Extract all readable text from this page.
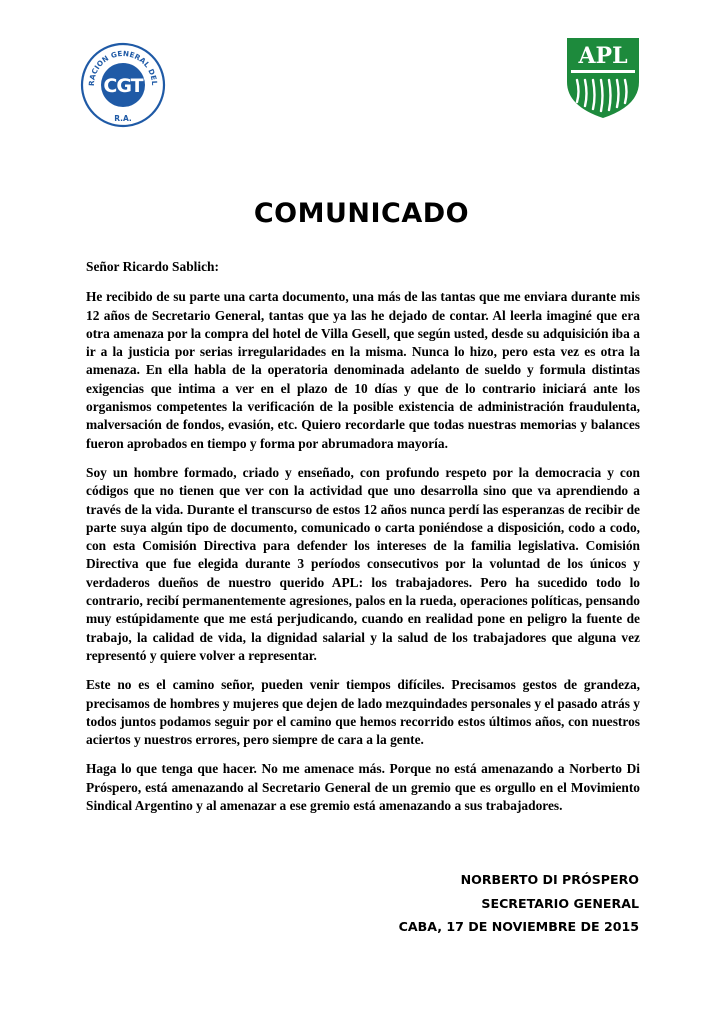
RACION GENERAL DEL
R.A.
CGT
APL
COMUNICADO

Señor Ricardo Sablich:

He recibido de su parte una carta documento, una más de las tantas que me enviara durante mis 12 años de Secretario General, tantas que ya las he dejado de contar. Al leerla imaginé que era otra amenaza por la compra del hotel de Villa Gesell, que según usted, desde su adquisición iba a ir a la justicia por serias irregularidades en la misma. Nunca lo hizo, pero esta vez es otra la amenaza. En ella habla de la operatoria denominada adelanto de sueldo y formula distintas exigencias que intima a ver en el plazo de 10 días y que de lo contrario iniciará ante los organismos competentes la verificación de la posible existencia de administración fraudulenta, malversación de fondos, evasión, etc. Quiero recordarle que todas nuestras memorias y balances fueron aprobados en tiempo y forma por abrumadora mayoría.

Soy un hombre formado, criado y enseñado, con profundo respeto por la democracia y con códigos que no tienen que ver con la actividad que uno desarrolla sino que va aprendiendo a través de la vida. Durante el transcurso de estos 12 años nunca perdí las esperanzas de recibir de parte suya algún tipo de documento, comunicado o carta poniéndose a disposición, codo a codo, con esta Comisión Directiva para defender los intereses de la familia legislativa. Comisión Directiva que fue elegida durante 3 períodos consecutivos por la voluntad de los únicos y verdaderos dueños de nuestro querido APL: los trabajadores. Pero ha sucedido todo lo contrario, recibí permanentemente agresiones, palos en la rueda, operaciones políticas, pensando muy estúpidamente que me está perjudicando, cuando en realidad pone en peligro la fuente de trabajo, la calidad de vida, la dignidad salarial y la salud de los trabajadores que alguna vez representó y quiere volver a representar.

Este no es el camino señor, pueden venir tiempos difíciles. Precisamos gestos de grandeza, precisamos de hombres y mujeres que dejen de lado mezquindades personales y el pasado atrás y todos juntos podamos seguir por el camino que hemos recorrido estos últimos años, con nuestros aciertos y nuestros errores, pero siempre de cara a la gente.

Haga lo que tenga que hacer. No me amenace más. Porque no está amenazando a Norberto Di Próspero, está amenazando al Secretario General de un gremio que es orgullo en el Movimiento Sindical Argentino y al amenazar a ese gremio está amenazando a sus trabajadores.

NORBERTO DI PRÓSPERO
SECRETARIO GENERAL
CABA, 17 DE NOVIEMBRE DE 2015
